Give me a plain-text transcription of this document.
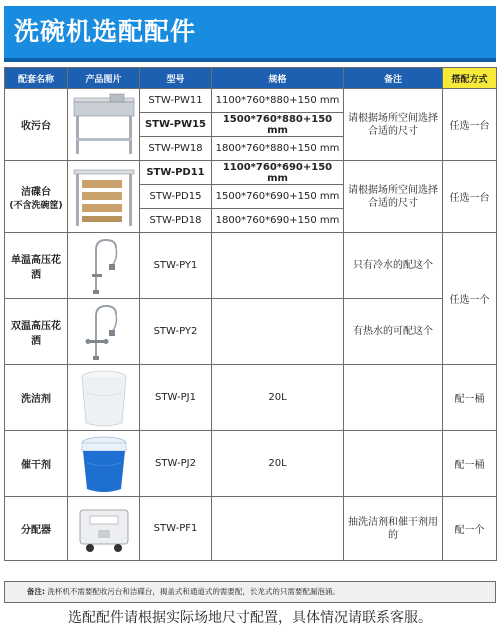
洗碗机选配配件
配套名称	产品图片	型号	规格	备注	搭配方式
收污台		STW-PW11	1100*760*880+150 mm	请根据场所空间选择合适的尺寸	任选一台
		STW-PW15	1500*760*880+150 mm		
		STW-PW18	1800*760*880+150 mm		

洁碟台
(不含洗碗筐)		STW-PD11	1100*760*690+150 mm	请根据场所空间选择合适的尺寸	任选一台
		STW-PD15	1500*760*690+150 mm		
		STW-PD18	1800*760*690+150 mm		
单温高压花洒		STW-PY1		只有冷水的配这个	任选一个
双温高压花洒		STW-PY2		有热水的可配这个	
洗洁剂		STW-PJ1	20L		配一桶
催干剂		STW-PJ2	20L		配一桶
分配器		STW-PF1		抽洗洁剂和催干剂用的	配一个
备注: 洗杯机不需要配收污台和洁碟台，揭盖式和通道式的需要配，长龙式的只需要配漏泡涌。
选配配件请根据实际场地尺寸配置，具体情况请联系客服。
